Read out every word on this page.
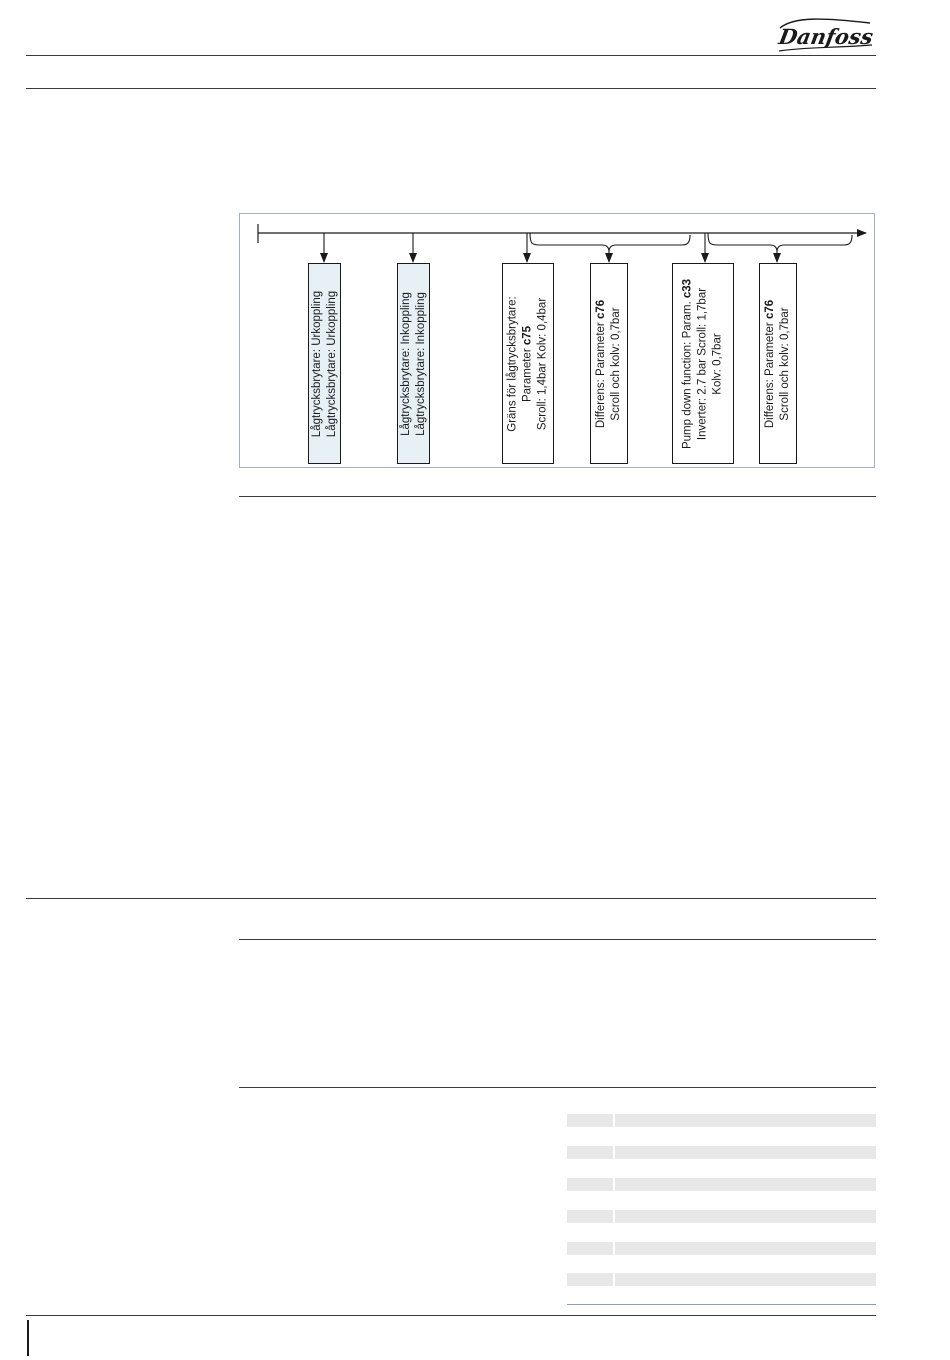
Danfoss
Lågtrycksbrytare: Urkoppling Lågtrycksbrytare: Urkoppling	Lågtrycksbrytare: Inkoppling Lågtrycksbrytare: Inkoppling	Gräns för lågtrycksbrytare: Parameter c75 Scroll: 1,4bar Kolv: 0,4bar	Differens: Parameter c76 Scroll och kolv: 0,7bar	Pump down function: Param. c33 Inverter: 2.7 bar Scroll: 1,7bar Kolv: 0,7bar	Differens: Parameter c76 Scroll och kolv: 0,7bar
